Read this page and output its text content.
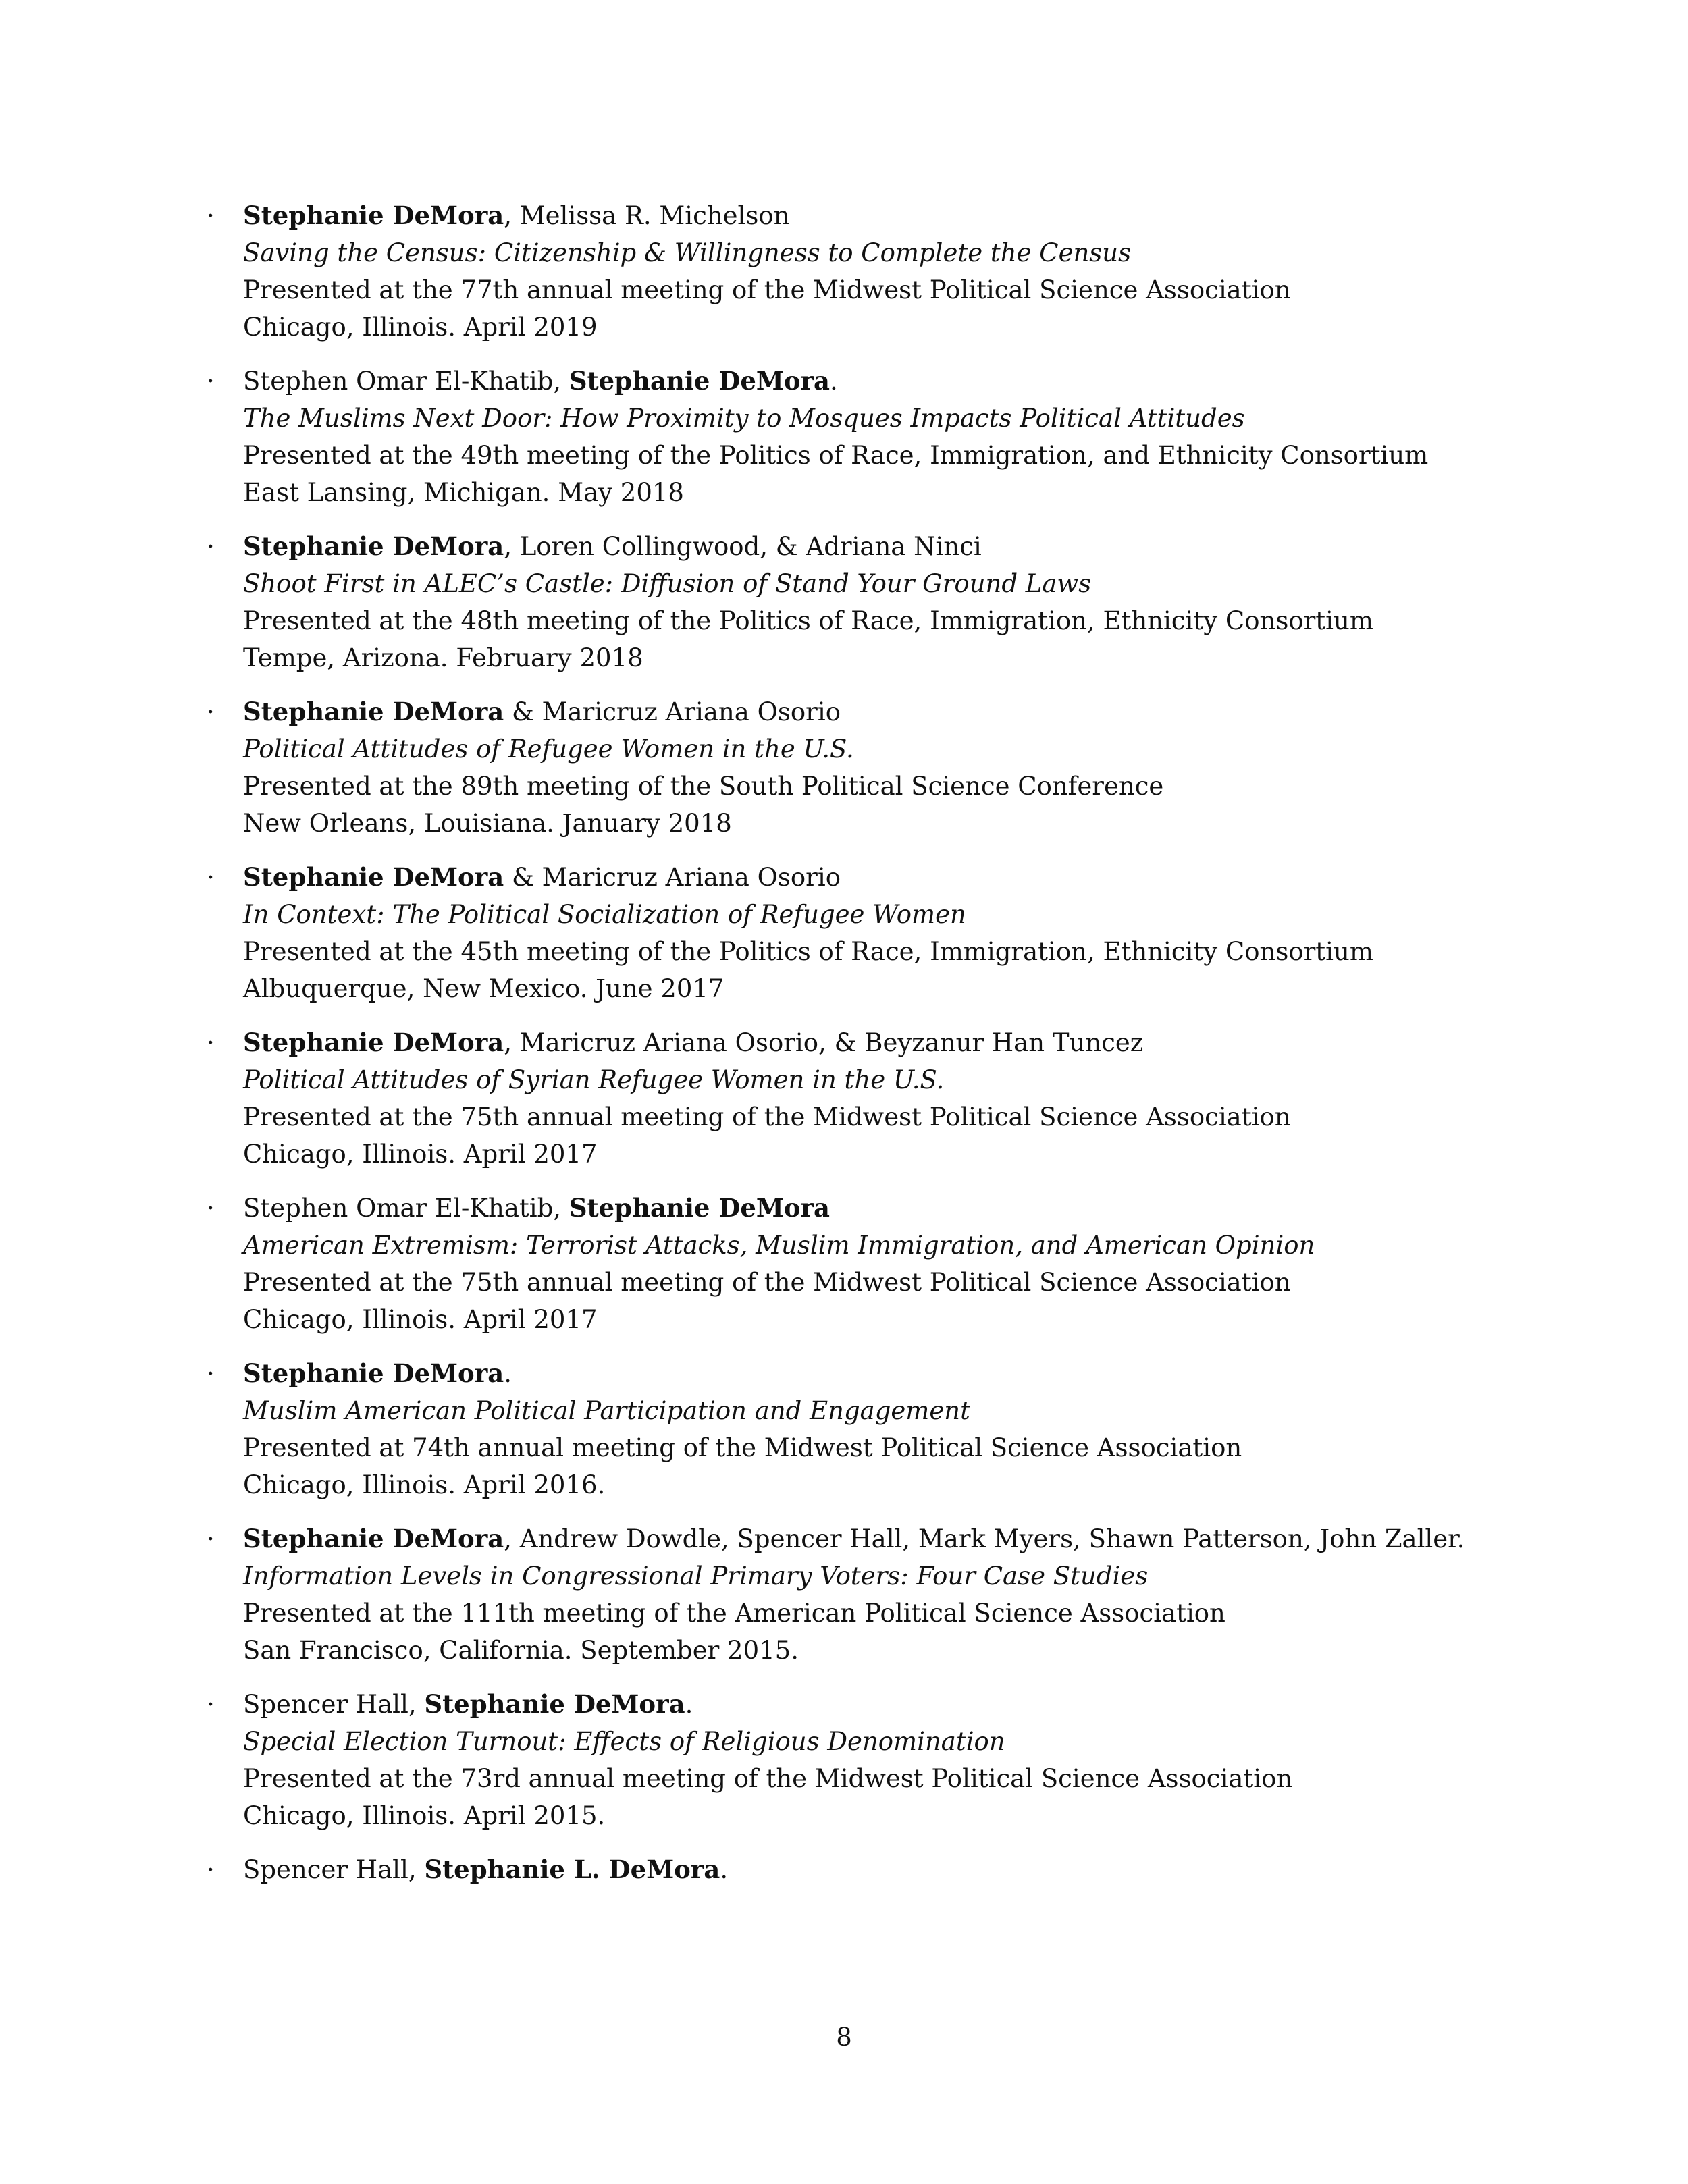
· Stephanie DeMora, Melissa R. Michelson
Saving the Census: Citizenship & Willingness to Complete the Census
Presented at the 77th annual meeting of the Midwest Political Science Association
Chicago, Illinois. April 2019
· Stephen Omar El-Khatib, Stephanie DeMora.
The Muslims Next Door: How Proximity to Mosques Impacts Political Attitudes
Presented at the 49th meeting of the Politics of Race, Immigration, and Ethnicity Consortium
East Lansing, Michigan. May 2018
· Stephanie DeMora, Loren Collingwood, & Adriana Ninci
Shoot First in ALEC’s Castle: Diffusion of Stand Your Ground Laws
Presented at the 48th meeting of the Politics of Race, Immigration, Ethnicity Consortium
Tempe, Arizona. February 2018
· Stephanie DeMora & Maricruz Ariana Osorio
Political Attitudes of Refugee Women in the U.S.
Presented at the 89th meeting of the South Political Science Conference
New Orleans, Louisiana. January 2018
· Stephanie DeMora & Maricruz Ariana Osorio
In Context: The Political Socialization of Refugee Women
Presented at the 45th meeting of the Politics of Race, Immigration, Ethnicity Consortium
Albuquerque, New Mexico. June 2017
· Stephanie DeMora, Maricruz Ariana Osorio, & Beyzanur Han Tuncez
Political Attitudes of Syrian Refugee Women in the U.S.
Presented at the 75th annual meeting of the Midwest Political Science Association
Chicago, Illinois. April 2017
· Stephen Omar El-Khatib, Stephanie DeMora
American Extremism: Terrorist Attacks, Muslim Immigration, and American Opinion
Presented at the 75th annual meeting of the Midwest Political Science Association
Chicago, Illinois. April 2017
· Stephanie DeMora.
Muslim American Political Participation and Engagement
Presented at 74th annual meeting of the Midwest Political Science Association
Chicago, Illinois. April 2016.
· Stephanie DeMora, Andrew Dowdle, Spencer Hall, Mark Myers, Shawn Patterson, John Zaller.
Information Levels in Congressional Primary Voters: Four Case Studies
Presented at the 111th meeting of the American Political Science Association
San Francisco, California. September 2015.
· Spencer Hall, Stephanie DeMora.
Special Election Turnout: Effects of Religious Denomination
Presented at the 73rd annual meeting of the Midwest Political Science Association
Chicago, Illinois. April 2015.
· Spencer Hall, Stephanie L. DeMora.
8
